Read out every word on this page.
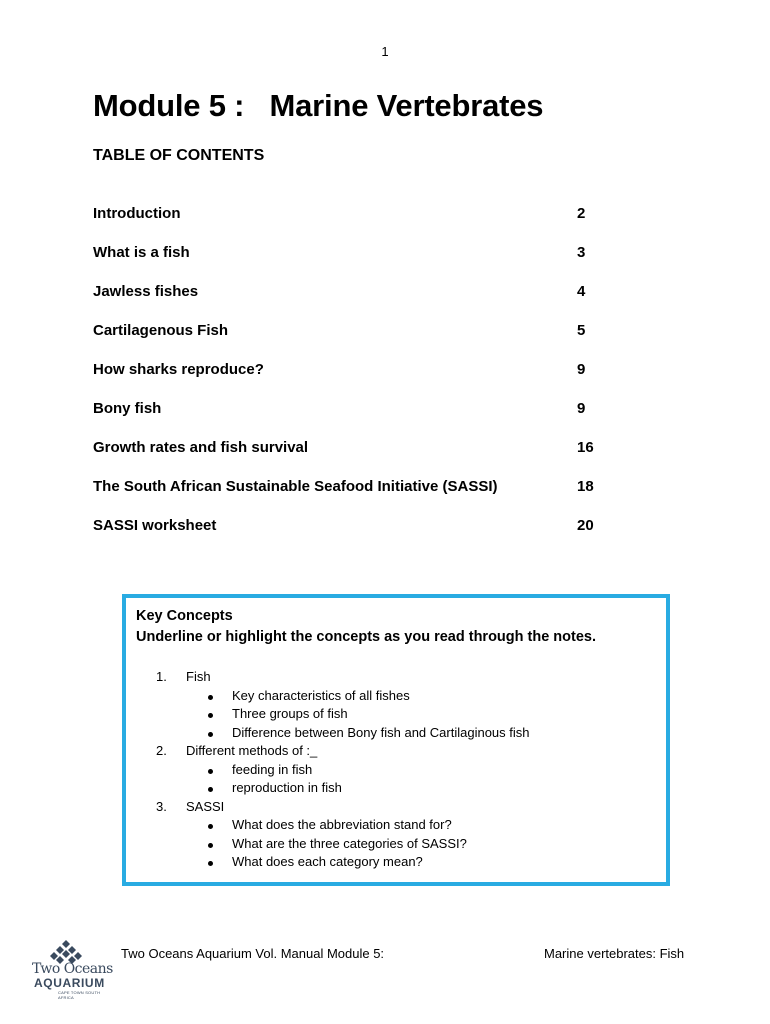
1
Module 5 :   Marine Vertebrates
TABLE OF CONTENTS
Introduction	2
What is a fish	3
Jawless fishes	4
Cartilagenous Fish	5
How sharks reproduce?	9
Bony fish	9
Growth rates and fish survival	16
The South African Sustainable Seafood Initiative (SASSI)	18
SASSI worksheet	20
Key Concepts
Underline or highlight the concepts as you read through the notes.
1. Fish
Key characteristics of all fishes
Three groups of fish
Difference between Bony fish and Cartilaginous fish
2. Different methods of :_
feeding in fish
reproduction in fish
3. SASSI
What does the abbreviation stand for?
What are the three categories of SASSI?
What does each category mean?
Two Oceans
AQUARIUM
CAPE TOWN SOUTH AFRICA
Two Oceans Aquarium Vol. Manual Module 5:	Marine vertebrates: Fish
